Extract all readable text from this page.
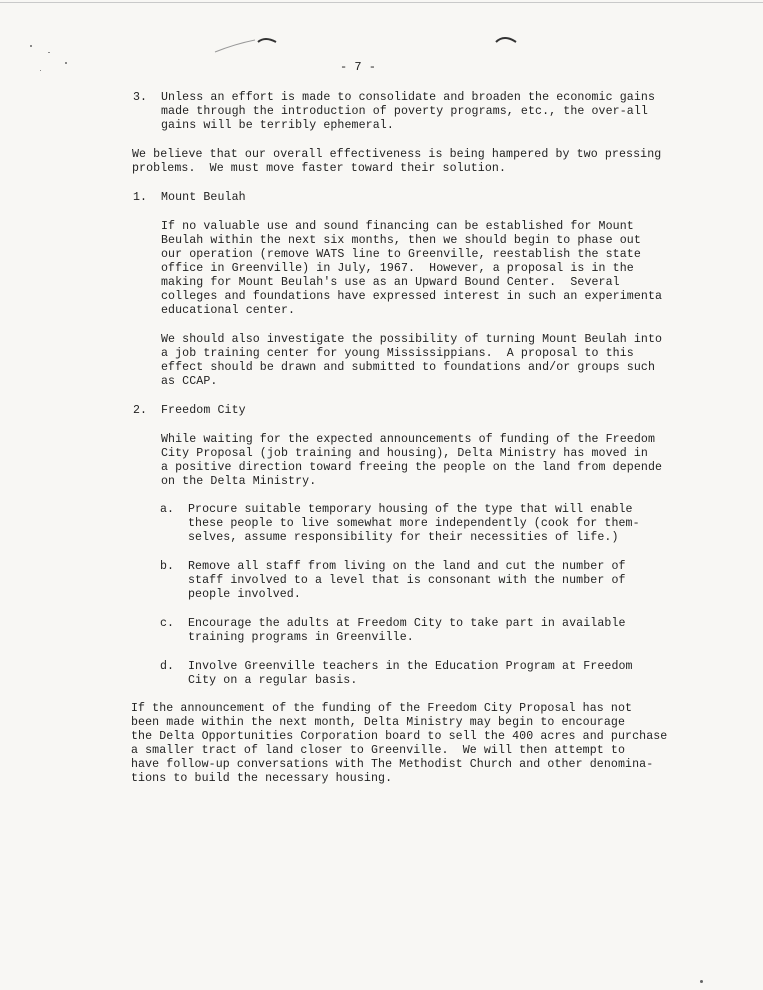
- 7 -
3. Unless an effort is made to consolidate and broaden the economic gains
made through the introduction of poverty programs, etc., the over-all
gains will be terribly ephemeral.
We believe that our overall effectiveness is being hampered by two pressing
problems.  We must move faster toward their solution.
1. Mount Beulah
If no valuable use and sound financing can be established for Mount
Beulah within the next six months, then we should begin to phase out
our operation (remove WATS line to Greenville, reestablish the state
office in Greenville) in July, 1967.  However, a proposal is in the
making for Mount Beulah's use as an Upward Bound Center.  Several
colleges and foundations have expressed interest in such an experimenta
educational center.
We should also investigate the possibility of turning Mount Beulah into
a job training center for young Mississippians.  A proposal to this
effect should be drawn and submitted to foundations and/or groups such
as CCAP.
2. Freedom City
While waiting for the expected announcements of funding of the Freedom
City Proposal (job training and housing), Delta Ministry has moved in
a positive direction toward freeing the people on the land from depende
on the Delta Ministry.
a. Procure suitable temporary housing of the type that will enable
these people to live somewhat more independently (cook for them-
selves, assume responsibility for their necessities of life.)
b. Remove all staff from living on the land and cut the number of
staff involved to a level that is consonant with the number of
people involved.
c. Encourage the adults at Freedom City to take part in available
training programs in Greenville.
d. Involve Greenville teachers in the Education Program at Freedom
City on a regular basis.
If the announcement of the funding of the Freedom City Proposal has not
been made within the next month, Delta Ministry may begin to encourage
the Delta Opportunities Corporation board to sell the 400 acres and purchase
a smaller tract of land closer to Greenville.  We will then attempt to
have follow-up conversations with The Methodist Church and other denomina-
tions to build the necessary housing.
